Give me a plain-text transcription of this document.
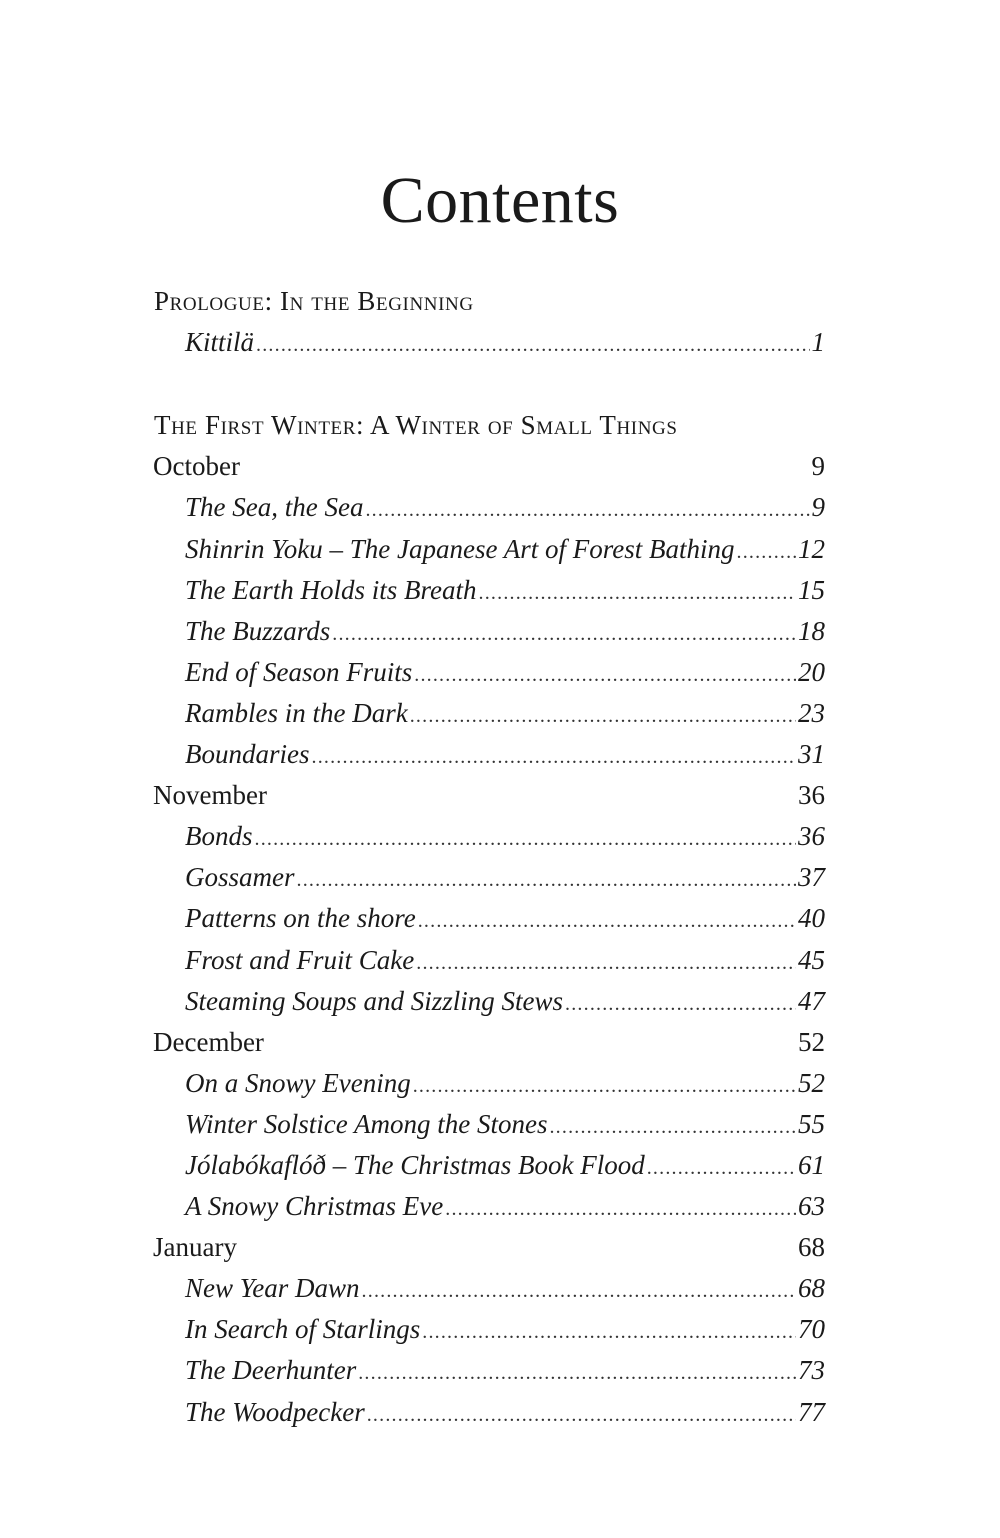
Contents
Prologue: In the Beginning
Kittilä .....	1
The First Winter: A Winter of Small Things
October	9
The Sea, the Sea .....	9
Shinrin Yoku – The Japanese Art of Forest Bathing ..... 12
The Earth Holds its Breath .....	15
The Buzzards .....	18
End of Season Fruits .....	20
Rambles in the Dark .....	23
Boundaries .....	31
November	36
Bonds .....	36
Gossamer .....	37
Patterns on the shore .....	40
Frost and Fruit Cake .....	45
Steaming Soups and Sizzling Stews .....	47
December	52
On a Snowy Evening .....	52
Winter Solstice Among the Stones .....	55
Jólabókaflóð – The Christmas Book Flood .....	61
A Snowy Christmas Eve .....	63
January	68
New Year Dawn .....	68
In Search of Starlings .....	70
The Deerhunter .....	73
The Woodpecker .....	77
